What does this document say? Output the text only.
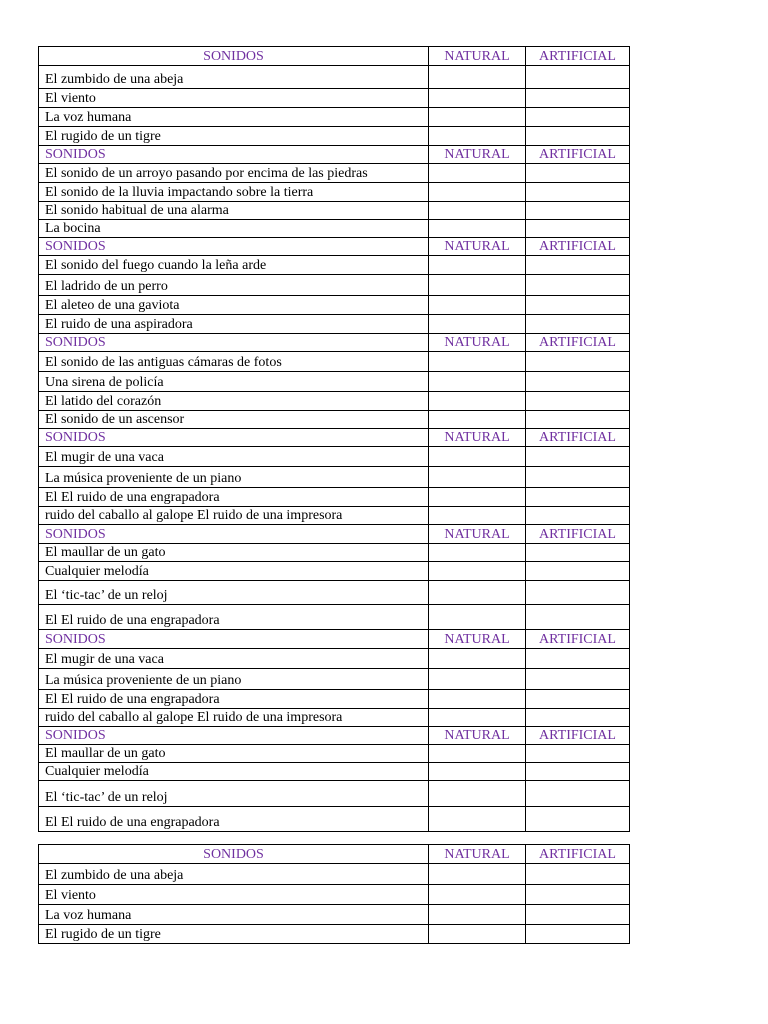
SONIDOS	NATURAL	ARTIFICIAL
El zumbido de una abeja		
El viento		
La voz humana		
El rugido de un tigre		
SONIDOS	NATURAL	ARTIFICIAL
El sonido de un arroyo pasando por encima de las piedras		
El sonido de la lluvia impactando sobre la tierra		
El sonido habitual de una alarma		
La bocina		
SONIDOS	NATURAL	ARTIFICIAL
El sonido del fuego cuando la leña arde		
El ladrido de un perro		
El aleteo de una gaviota		
El ruido de una aspiradora		
SONIDOS	NATURAL	ARTIFICIAL
El sonido de las antiguas cámaras de fotos		
Una sirena de policía		
El latido del corazón		
El sonido de un ascensor		
SONIDOS	NATURAL	ARTIFICIAL
El mugir de una vaca		
La música proveniente de un piano		
El El ruido de una engrapadora		
ruido del caballo al galope El ruido de una impresora		
SONIDOS	NATURAL	ARTIFICIAL
El maullar de un gato		
Cualquier melodía		
El ‘tic-tac’ de un reloj		
El El ruido de una engrapadora		
SONIDOS	NATURAL	ARTIFICIAL
El mugir de una vaca		
La música proveniente de un piano		
El El ruido de una engrapadora		
ruido del caballo al galope El ruido de una impresora		
SONIDOS	NATURAL	ARTIFICIAL
El maullar de un gato		
Cualquier melodía		
El ‘tic-tac’ de un reloj		
El El ruido de una engrapadora		
SONIDOS	NATURAL	ARTIFICIAL
El zumbido de una abeja		
El viento		
La voz humana		
El rugido de un tigre		
